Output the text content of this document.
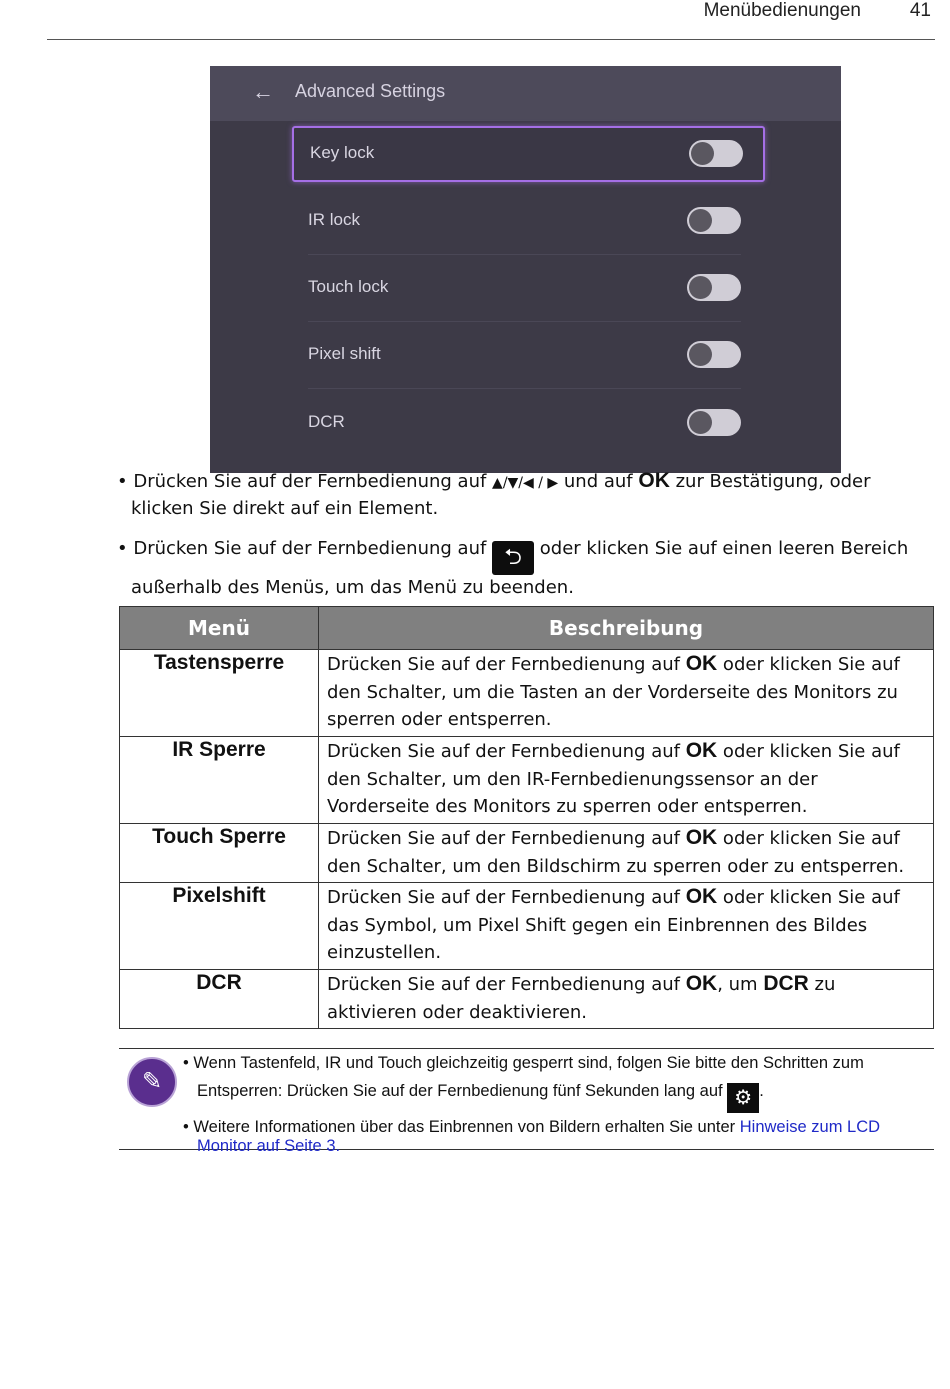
Menübedienungen	41
← Advanced Settings
Key lock
IR lock
Touch lock
Pixel shift
DCR
• Drücken Sie auf der Fernbedienung auf ▲/▼/◀ / ▶ und auf OK zur Bestätigung, oder
klicken Sie direkt auf ein Element.
• Drücken Sie auf der Fernbedienung auf ⮌ oder klicken Sie auf einen leeren Bereich
außerhalb des Menüs, um das Menü zu beenden.
Menü	Beschreibung
Tastensperre	Drücken Sie auf der Fernbedienung auf OK oder klicken Sie auf den Schalter, um die Tasten an der Vorderseite des Monitors zu sperren oder entsperren.
IR Sperre	Drücken Sie auf der Fernbedienung auf OK oder klicken Sie auf den Schalter, um den IR-Fernbedienungssensor an der Vorderseite des Monitors zu sperren oder entsperren.
Touch Sperre	Drücken Sie auf der Fernbedienung auf OK oder klicken Sie auf den Schalter, um den Bildschirm zu sperren oder zu entsperren.
Pixelshift	Drücken Sie auf der Fernbedienung auf OK oder klicken Sie auf das Symbol, um Pixel Shift gegen ein Einbrennen des Bildes einzustellen.
DCR	Drücken Sie auf der Fernbedienung auf OK, um DCR zu aktivieren oder deaktivieren.
✎
• Wenn Tastenfeld, IR und Touch gleichzeitig gesperrt sind, folgen Sie bitte den Schritten zum
Entsperren: Drücken Sie auf der Fernbedienung fünf Sekunden lang auf ⚙ .
• Weitere Informationen über das Einbrennen von Bildern erhalten Sie unter Hinweise zum LCD
Monitor auf Seite 3.
